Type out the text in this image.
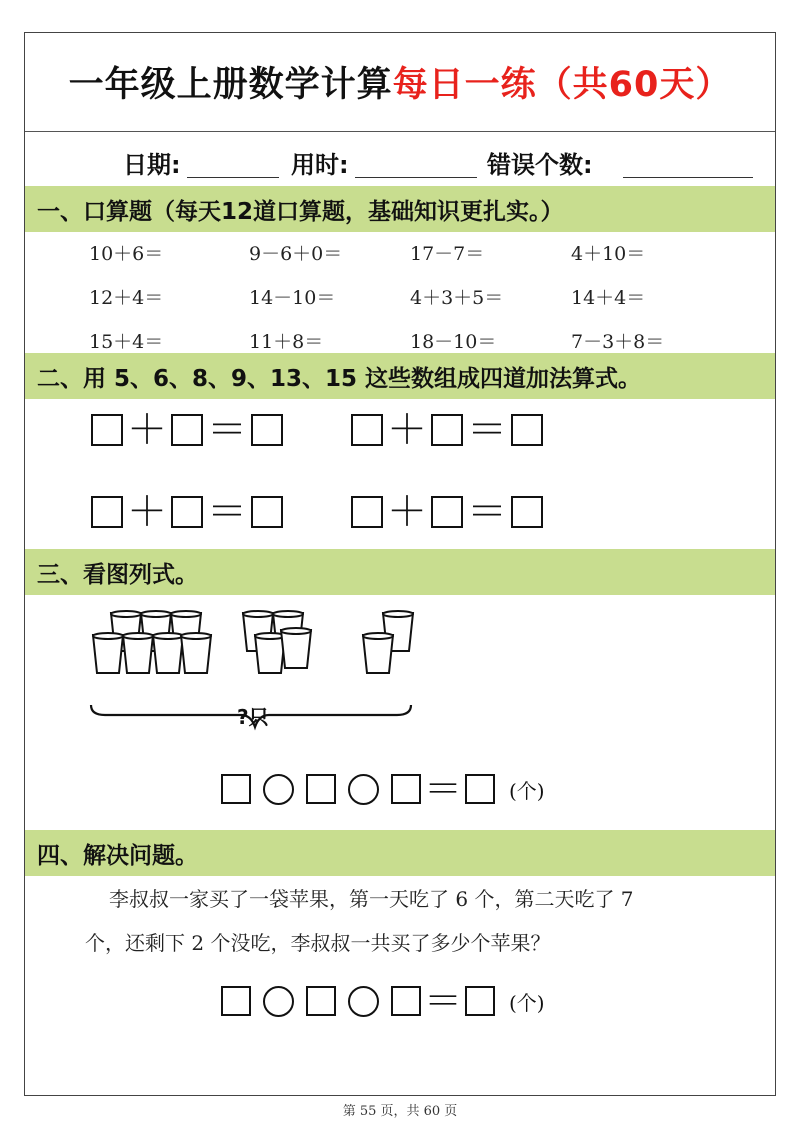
一年级上册数学计算 每日一练（共60天）
日期:	用时:	错误个数:
一、口算题（每天12道口算题，基础知识更扎实。）
10＋6＝	9－6＋0＝	17－7＝	4＋10＝
12＋4＝	14－10＝	4＋3＋5＝	14＋4＝
15＋4＝	11＋8＝	18－10＝	7－3＋8＝
二、用 5、6、8、9、13、15 这些数组成四道加法算式。
＋ ＝	＋ ＝
＋ ＝	＋ ＝
三、看图列式。
?只
＝ (个)
四、解决问题。
李叔叔一家买了一袋苹果，第一天吃了 6 个，第二天吃了 7
个，还剩下 2 个没吃，李叔叔一共买了多少个苹果？
＝ (个)
第 55 页，共 60 页
